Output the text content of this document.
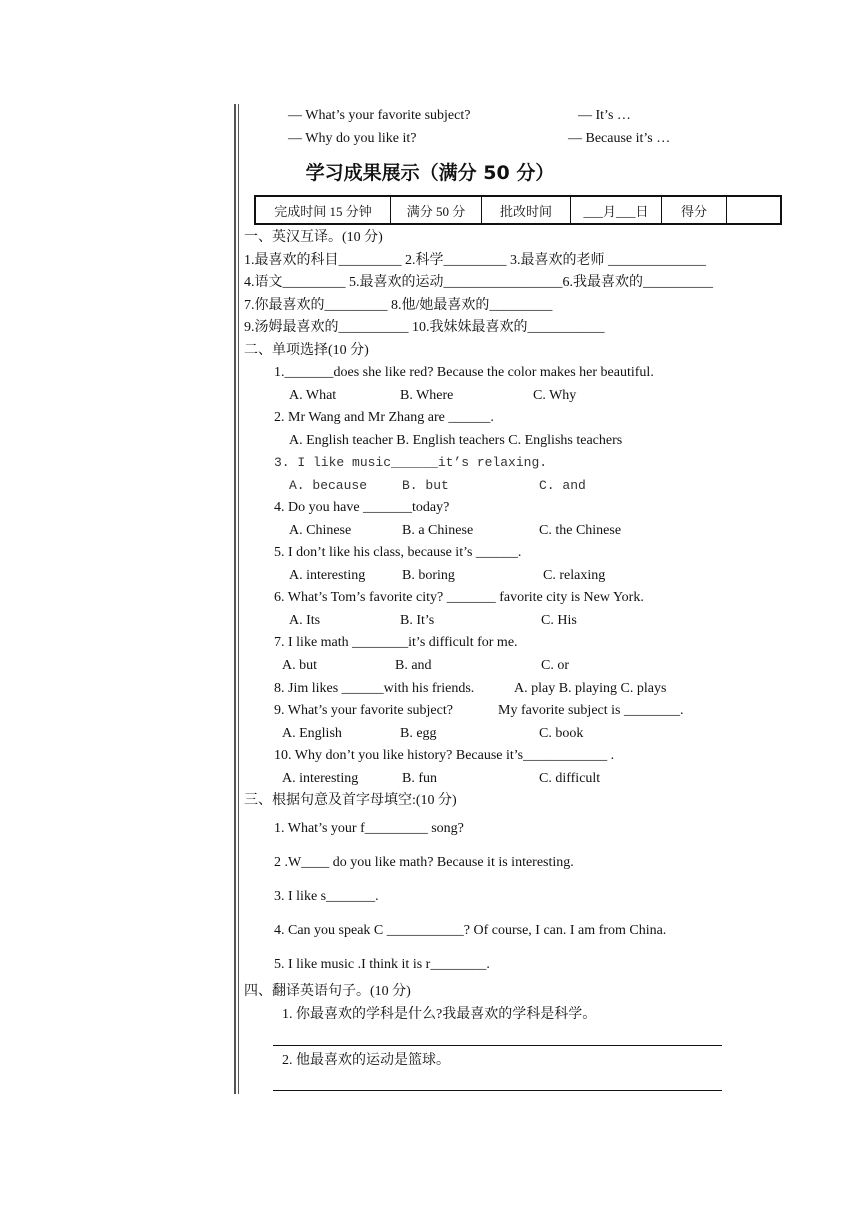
— What’s your favorite subject?	— It’s …
— Why do you like it?	— Because it’s …
学习成果展示（满分 50 分）
完成时间 15 分钟	满分 50 分	批改时间	___月___日	得分	
一、英汉互译。(10 分)
1.最喜欢的科目_________ 2.科学_________ 3.最喜欢的老师 ______________
4.语文_________ 5.最喜欢的运动_________________6.我最喜欢的__________
7.你最喜欢的_________ 8.他/她最喜欢的_________
9.汤姆最喜欢的__________ 10.我妹妹最喜欢的___________
二、单项选择(10 分)
1._______does she like red? Because the color makes her beautiful.
A. What	B. Where	C. Why
2. Mr Wang and Mr Zhang are ______.
A. English teacher B. English teachers C. Englishs teachers
3. I like music______it’s relaxing.
A. because	B. but	C. and
4. Do you have _______today?
A. Chinese	B. a Chinese	C. the Chinese
5. I don’t like his class, because it’s ______.
A. interesting	B. boring	C. relaxing
6. What’s Tom’s favorite city? _______ favorite city is New York.
A. Its	B. It’s	C. His
7. I like math ________it’s difficult for me.
A. but	B. and	C. or
8. Jim likes ______with his friends.	A. play B. playing C. plays
9. What’s your favorite subject?	My favorite subject is ________.
A. English	B. egg	C. book
10. Why don’t you like history? Because it’s____________ .
A. interesting	B. fun	C. difficult
三、根据句意及首字母填空:(10 分)
1. What’s your f_________ song?
2 .W____ do you like math? Because it is interesting.
3. I like s_______.
4. Can you speak C ___________? Of course, I can. I am from China.
5. I like music .I think it is r________.
四、翻译英语句子。(10 分)
1. 你最喜欢的学科是什么?我最喜欢的学科是科学。
2. 他最喜欢的运动是篮球。
